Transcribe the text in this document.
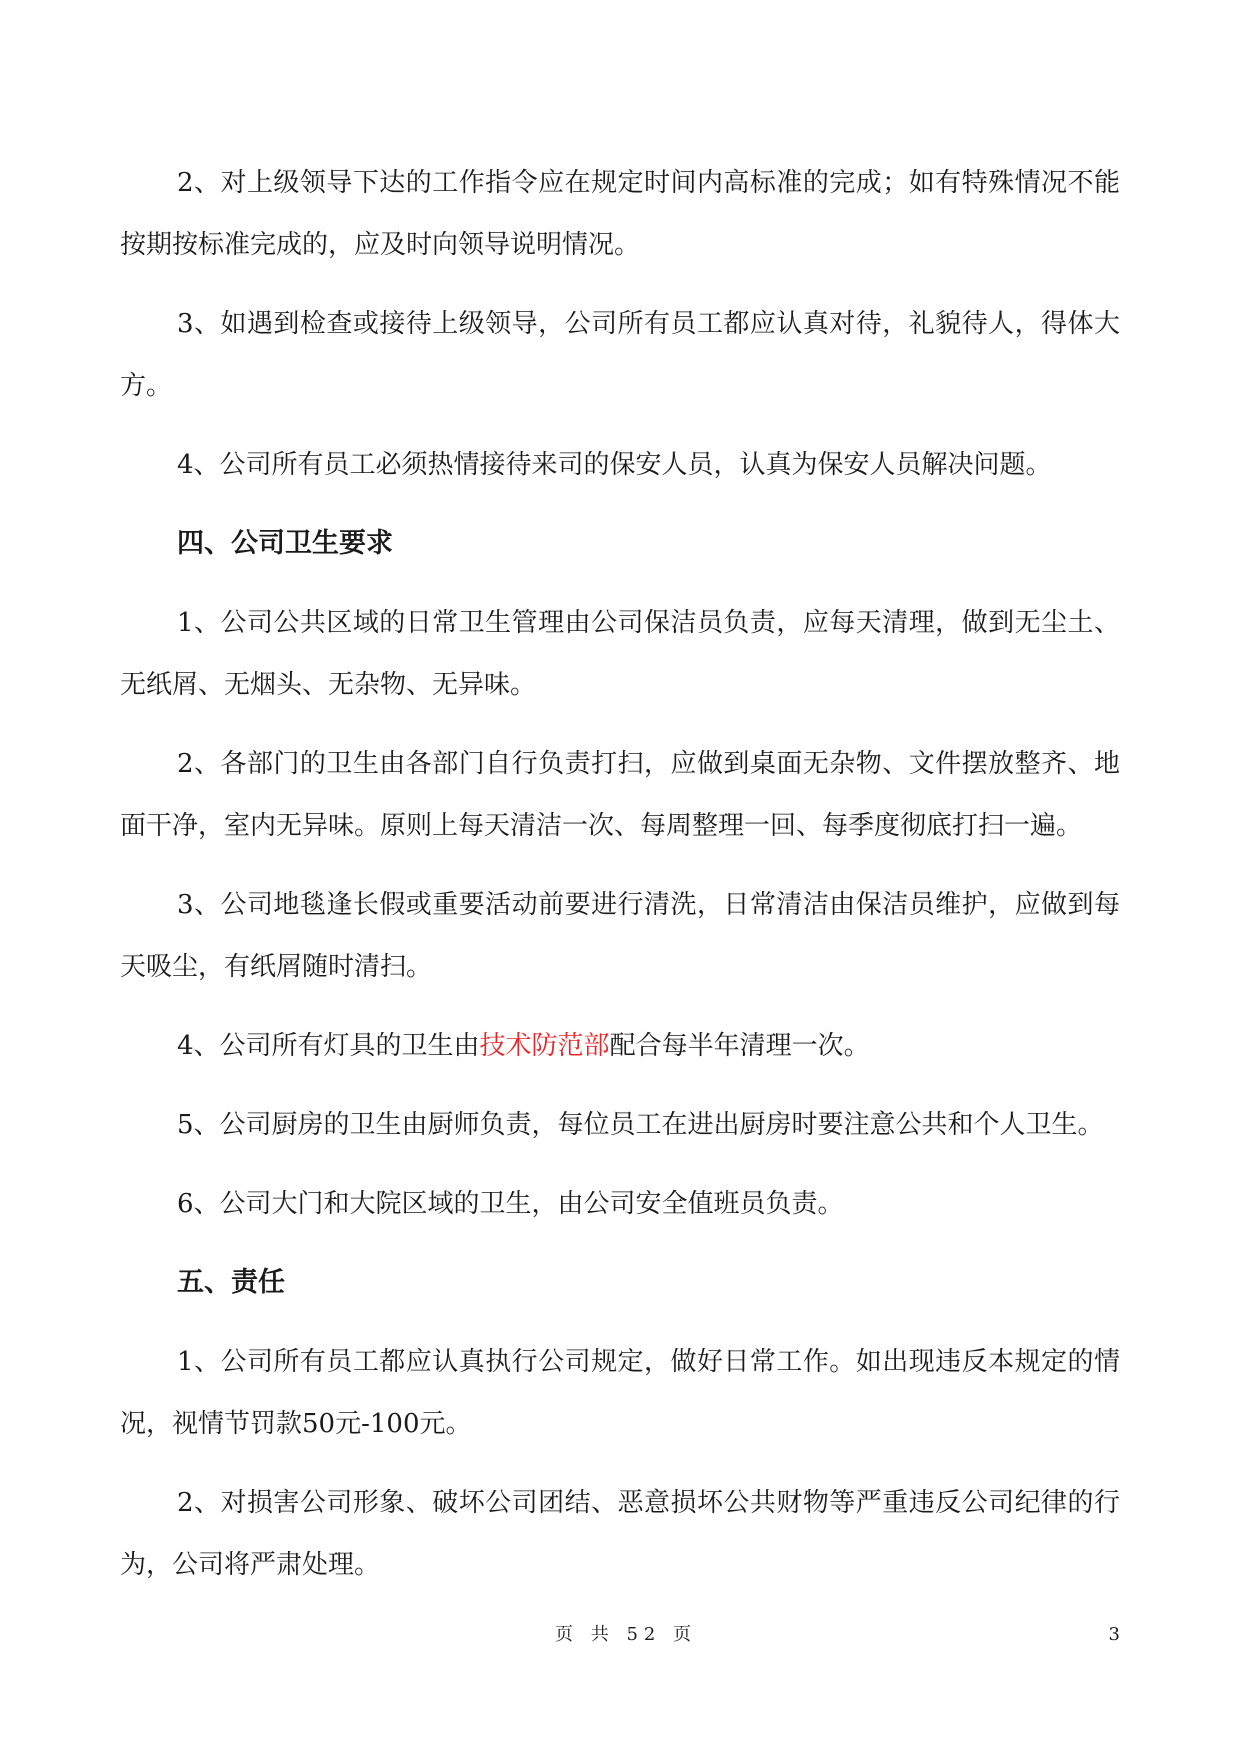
2、对上级领导下达的工作指令应在规定时间内高标准的完成；如有特殊情况不能按期按标准完成的，应及时向领导说明情况。

3、如遇到检查或接待上级领导，公司所有员工都应认真对待，礼貌待人，得体大方。

4、公司所有员工必须热情接待来司的保安人员，认真为保安人员解决问题。

四、公司卫生要求

1、公司公共区域的日常卫生管理由公司保洁员负责，应每天清理，做到无尘土、无纸屑、无烟头、无杂物、无异味。

2、各部门的卫生由各部门自行负责打扫，应做到桌面无杂物、文件摆放整齐、地面干净，室内无异味。原则上每天清洁一次、每周整理一回、每季度彻底打扫一遍。

3、公司地毯逢长假或重要活动前要进行清洗，日常清洁由保洁员维护，应做到每天吸尘，有纸屑随时清扫。

4、公司所有灯具的卫生由技术防范部配合每半年清理一次。

5、公司厨房的卫生由厨师负责，每位员工在进出厨房时要注意公共和个人卫生。

6、公司大门和大院区域的卫生，由公司安全值班员负责。

五、责任

1、公司所有员工都应认真执行公司规定，做好日常工作。如出现违反本规定的情况，视情节罚款50元-100元。

2、对损害公司形象、破坏公司团结、恶意损坏公共财物等严重违反公司纪律的行为，公司将严肃处理。

页 共 52 页	3
